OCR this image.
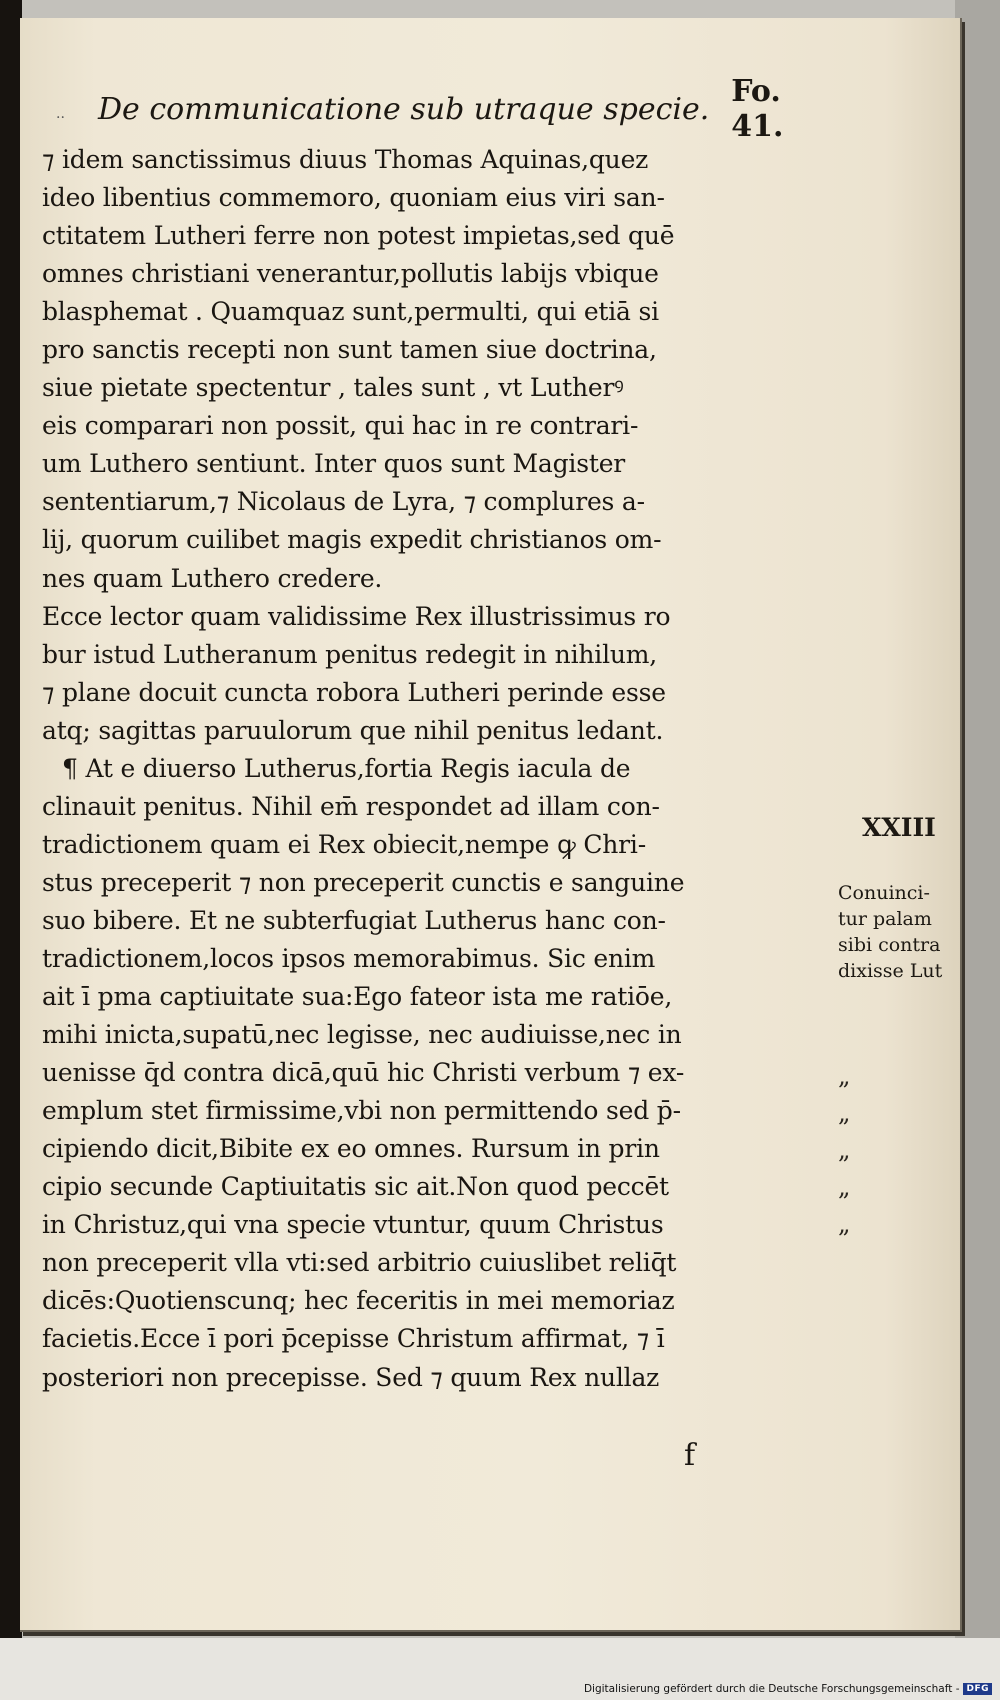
.. De communicatione sub utraque specie. Fo. 41.
⁊ idem sanctissimus diuus Thomas Aquinas,quez
ideo libentius commemoro, quoniam eius viri san-
ctitatem Lutheri ferre non potest impietas,sed quē
omnes christiani venerantur,pollutis labijs vbique
blasphemat . Quamquaz sunt,permulti, qui etiā si
pro sanctis recepti non sunt tamen siue doctrina,
siue pietate spectentur , tales sunt , vt Lutherꝰ
eis comparari non possit, qui hac in re contrari-
um Luthero sentiunt. Inter quos sunt Magister
sententiarum,⁊ Nicolaus de Lyra, ⁊ complures a-
lij, quorum cuilibet magis expedit christianos om-
nes quam Luthero credere.
Ecce lector quam validissime Rex illustrissimus ro
bur istud Lutheranum penitus redegit in nihilum,
⁊ plane docuit cuncta robora Lutheri perinde esse
atq; sagittas paruulorum que nihil penitus ledant.
¶ At e diuerso Lutherus,fortia Regis iacula de
clinauit penitus. Nihil em̄ respondet ad illam con-
tradictionem quam ei Rex obiecit,nempe ꝙ Chri-
stus preceperit ⁊ non preceperit cunctis e sanguine
suo bibere. Et ne subterfugiat Lutherus hanc con-
tradictionem,locos ipsos memorabimus. Sic enim
ait ī pma captiuitate sua:Ego fateor ista me ratiōe,
mihi inicta,supatū,nec legisse, nec audiuisse,nec in
uenisse q̄d contra dicā,quū hic Christi verbum ⁊ ex-
emplum stet firmissime,vbi non permittendo sed p̄-
cipiendo dicit,Bibite ex eo omnes. Rursum in prin
cipio secunde Captiuitatis sic ait.Non quod peccēt
in Christuz,qui vna specie vtuntur, quum Christus
non preceperit vlla vti:sed arbitrio cuiuslibet reliq̄t
dicēs:Quotienscunq; hec feceritis in mei memoriaz
facietis.Ecce ī pori p̄cepisse Christum affirmat, ⁊ ī
posteriori non precepisse. Sed ⁊ quum Rex nullaz
XXIII
Conuinci-
tur palam
sibi contra
dixisse Lut
„
„
„
„
„
f
Digitalisierung gefördert durch die Deutsche Forschungsgemeinschaft - DFG
